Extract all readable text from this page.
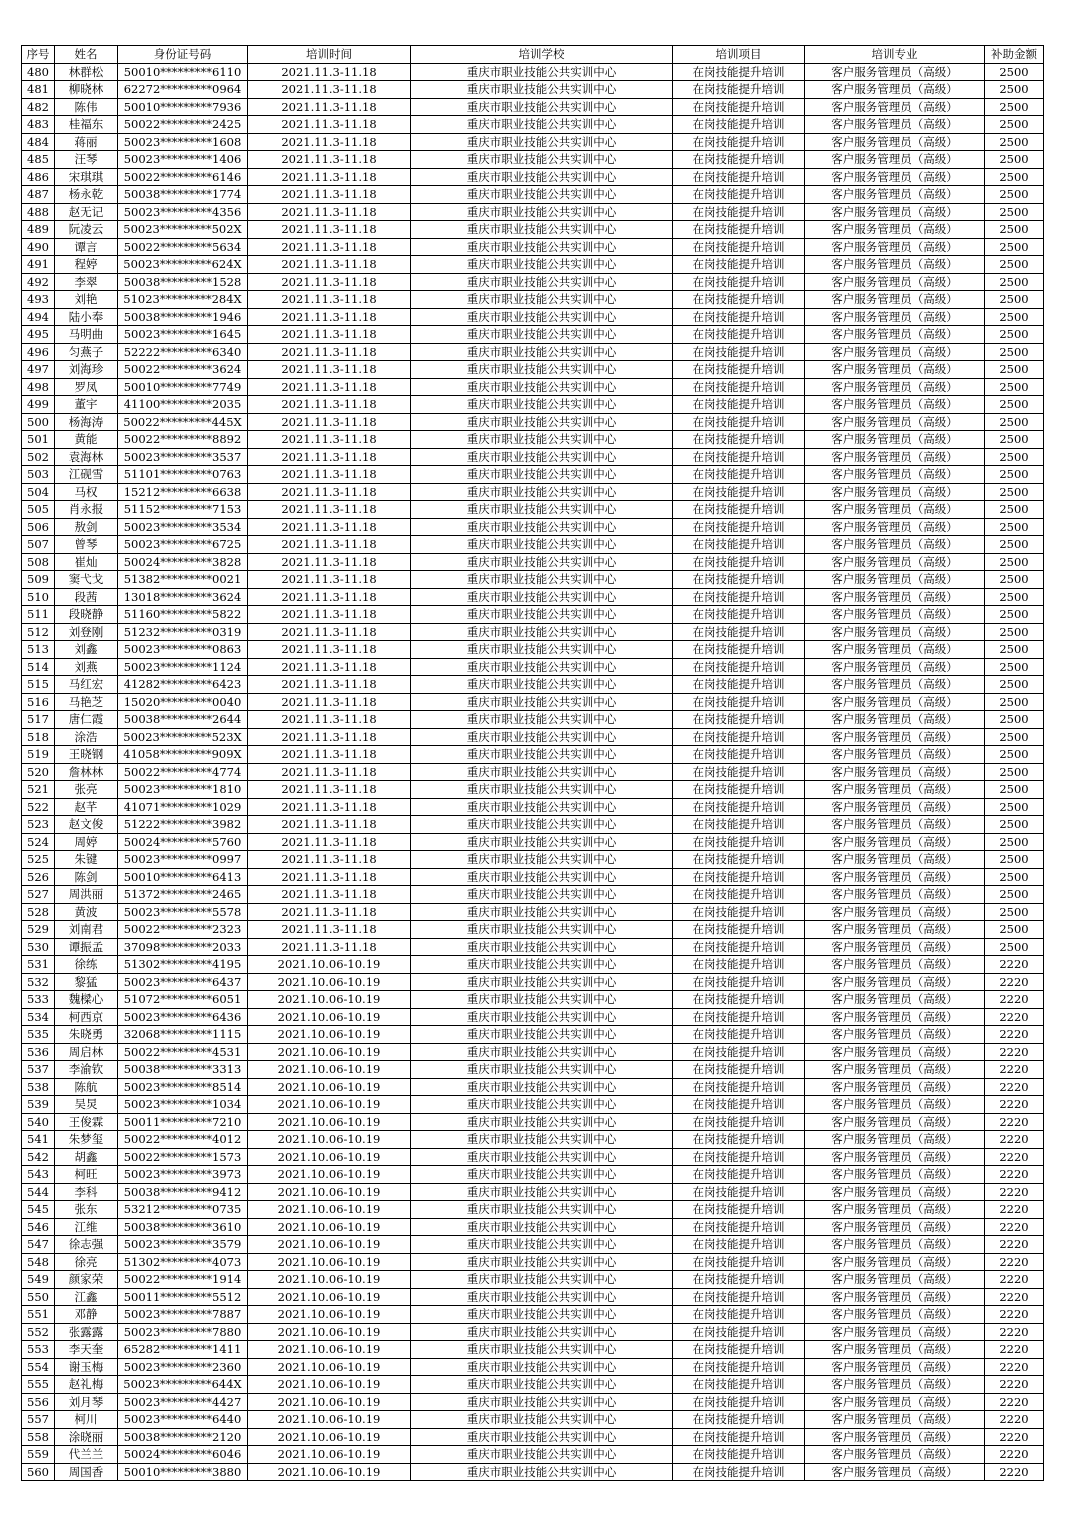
序号	姓名	身份证号码	培训时间	培训学校	培训项目	培训专业	补助金额
480	林群松	50010*********6110	2021.11.3-11.18	重庆市职业技能公共实训中心	在岗技能提升培训	客户服务管理员（高级）	2500
481	柳晓林	62272*********0964	2021.11.3-11.18	重庆市职业技能公共实训中心	在岗技能提升培训	客户服务管理员（高级）	2500
482	陈伟	50010*********7936	2021.11.3-11.18	重庆市职业技能公共实训中心	在岗技能提升培训	客户服务管理员（高级）	2500
483	桂福东	50022*********2425	2021.11.3-11.18	重庆市职业技能公共实训中心	在岗技能提升培训	客户服务管理员（高级）	2500
484	蒋丽	50023*********1608	2021.11.3-11.18	重庆市职业技能公共实训中心	在岗技能提升培训	客户服务管理员（高级）	2500
485	汪琴	50023*********1406	2021.11.3-11.18	重庆市职业技能公共实训中心	在岗技能提升培训	客户服务管理员（高级）	2500
486	宋琪琪	50022*********6146	2021.11.3-11.18	重庆市职业技能公共实训中心	在岗技能提升培训	客户服务管理员（高级）	2500
487	杨永乾	50038*********1774	2021.11.3-11.18	重庆市职业技能公共实训中心	在岗技能提升培训	客户服务管理员（高级）	2500
488	赵无记	50023*********4356	2021.11.3-11.18	重庆市职业技能公共实训中心	在岗技能提升培训	客户服务管理员（高级）	2500
489	阮凌云	50023*********502X	2021.11.3-11.18	重庆市职业技能公共实训中心	在岗技能提升培训	客户服务管理员（高级）	2500
490	谭言	50022*********5634	2021.11.3-11.18	重庆市职业技能公共实训中心	在岗技能提升培训	客户服务管理员（高级）	2500
491	程婷	50023*********624X	2021.11.3-11.18	重庆市职业技能公共实训中心	在岗技能提升培训	客户服务管理员（高级）	2500
492	李翠	50038*********1528	2021.11.3-11.18	重庆市职业技能公共实训中心	在岗技能提升培训	客户服务管理员（高级）	2500
493	刘艳	51023*********284X	2021.11.3-11.18	重庆市职业技能公共实训中心	在岗技能提升培训	客户服务管理员（高级）	2500
494	陆小奉	50038*********1946	2021.11.3-11.18	重庆市职业技能公共实训中心	在岗技能提升培训	客户服务管理员（高级）	2500
495	马明曲	50023*********1645	2021.11.3-11.18	重庆市职业技能公共实训中心	在岗技能提升培训	客户服务管理员（高级）	2500
496	匀燕子	52222*********6340	2021.11.3-11.18	重庆市职业技能公共实训中心	在岗技能提升培训	客户服务管理员（高级）	2500
497	刘海珍	50022*********3624	2021.11.3-11.18	重庆市职业技能公共实训中心	在岗技能提升培训	客户服务管理员（高级）	2500
498	罗凤	50010*********7749	2021.11.3-11.18	重庆市职业技能公共实训中心	在岗技能提升培训	客户服务管理员（高级）	2500
499	董宇	41100*********2035	2021.11.3-11.18	重庆市职业技能公共实训中心	在岗技能提升培训	客户服务管理员（高级）	2500
500	杨海涛	50022*********445X	2021.11.3-11.18	重庆市职业技能公共实训中心	在岗技能提升培训	客户服务管理员（高级）	2500
501	黄能	50022*********8892	2021.11.3-11.18	重庆市职业技能公共实训中心	在岗技能提升培训	客户服务管理员（高级）	2500
502	袁海林	50023*********3537	2021.11.3-11.18	重庆市职业技能公共实训中心	在岗技能提升培训	客户服务管理员（高级）	2500
503	江砚雪	51101*********0763	2021.11.3-11.18	重庆市职业技能公共实训中心	在岗技能提升培训	客户服务管理员（高级）	2500
504	马权	15212*********6638	2021.11.3-11.18	重庆市职业技能公共实训中心	在岗技能提升培训	客户服务管理员（高级）	2500
505	肖永报	51152*********7153	2021.11.3-11.18	重庆市职业技能公共实训中心	在岗技能提升培训	客户服务管理员（高级）	2500
506	敖剑	50023*********3534	2021.11.3-11.18	重庆市职业技能公共实训中心	在岗技能提升培训	客户服务管理员（高级）	2500
507	曾琴	50023*********6725	2021.11.3-11.18	重庆市职业技能公共实训中心	在岗技能提升培训	客户服务管理员（高级）	2500
508	崔灿	50024*********3828	2021.11.3-11.18	重庆市职业技能公共实训中心	在岗技能提升培训	客户服务管理员（高级）	2500
509	窦弋戈	51382*********0021	2021.11.3-11.18	重庆市职业技能公共实训中心	在岗技能提升培训	客户服务管理员（高级）	2500
510	段茜	13018*********3624	2021.11.3-11.18	重庆市职业技能公共实训中心	在岗技能提升培训	客户服务管理员（高级）	2500
511	段晓静	51160*********5822	2021.11.3-11.18	重庆市职业技能公共实训中心	在岗技能提升培训	客户服务管理员（高级）	2500
512	刘登刚	51232*********0319	2021.11.3-11.18	重庆市职业技能公共实训中心	在岗技能提升培训	客户服务管理员（高级）	2500
513	刘鑫	50023*********0863	2021.11.3-11.18	重庆市职业技能公共实训中心	在岗技能提升培训	客户服务管理员（高级）	2500
514	刘燕	50023*********1124	2021.11.3-11.18	重庆市职业技能公共实训中心	在岗技能提升培训	客户服务管理员（高级）	2500
515	马红宏	41282*********6423	2021.11.3-11.18	重庆市职业技能公共实训中心	在岗技能提升培训	客户服务管理员（高级）	2500
516	马艳芝	15020*********0040	2021.11.3-11.18	重庆市职业技能公共实训中心	在岗技能提升培训	客户服务管理员（高级）	2500
517	唐仁霞	50038*********2644	2021.11.3-11.18	重庆市职业技能公共实训中心	在岗技能提升培训	客户服务管理员（高级）	2500
518	涂浩	50023*********523X	2021.11.3-11.18	重庆市职业技能公共实训中心	在岗技能提升培训	客户服务管理员（高级）	2500
519	王晓钢	41058*********909X	2021.11.3-11.18	重庆市职业技能公共实训中心	在岗技能提升培训	客户服务管理员（高级）	2500
520	詹林林	50022*********4774	2021.11.3-11.18	重庆市职业技能公共实训中心	在岗技能提升培训	客户服务管理员（高级）	2500
521	张亮	50023*********1810	2021.11.3-11.18	重庆市职业技能公共实训中心	在岗技能提升培训	客户服务管理员（高级）	2500
522	赵芊	41071*********1029	2021.11.3-11.18	重庆市职业技能公共实训中心	在岗技能提升培训	客户服务管理员（高级）	2500
523	赵文俊	51222*********3982	2021.11.3-11.18	重庆市职业技能公共实训中心	在岗技能提升培训	客户服务管理员（高级）	2500
524	周婷	50024*********5760	2021.11.3-11.18	重庆市职业技能公共实训中心	在岗技能提升培训	客户服务管理员（高级）	2500
525	朱键	50023*********0997	2021.11.3-11.18	重庆市职业技能公共实训中心	在岗技能提升培训	客户服务管理员（高级）	2500
526	陈剑	50010*********6413	2021.11.3-11.18	重庆市职业技能公共实训中心	在岗技能提升培训	客户服务管理员（高级）	2500
527	周洪丽	51372*********2465	2021.11.3-11.18	重庆市职业技能公共实训中心	在岗技能提升培训	客户服务管理员（高级）	2500
528	黄波	50023*********5578	2021.11.3-11.18	重庆市职业技能公共实训中心	在岗技能提升培训	客户服务管理员（高级）	2500
529	刘南君	50022*********2323	2021.11.3-11.18	重庆市职业技能公共实训中心	在岗技能提升培训	客户服务管理员（高级）	2500
530	谭振孟	37098*********2033	2021.11.3-11.18	重庆市职业技能公共实训中心	在岗技能提升培训	客户服务管理员（高级）	2500
531	徐练	51302*********4195	2021.10.06-10.19	重庆市职业技能公共实训中心	在岗技能提升培训	客户服务管理员（高级）	2220
532	黎猛	50023*********6437	2021.10.06-10.19	重庆市职业技能公共实训中心	在岗技能提升培训	客户服务管理员（高级）	2220
533	魏樑心	51072*********6051	2021.10.06-10.19	重庆市职业技能公共实训中心	在岗技能提升培训	客户服务管理员（高级）	2220
534	柯西京	50023*********6436	2021.10.06-10.19	重庆市职业技能公共实训中心	在岗技能提升培训	客户服务管理员（高级）	2220
535	朱晓勇	32068*********1115	2021.10.06-10.19	重庆市职业技能公共实训中心	在岗技能提升培训	客户服务管理员（高级）	2220
536	周启林	50022*********4531	2021.10.06-10.19	重庆市职业技能公共实训中心	在岗技能提升培训	客户服务管理员（高级）	2220
537	李渝钦	50038*********3313	2021.10.06-10.19	重庆市职业技能公共实训中心	在岗技能提升培训	客户服务管理员（高级）	2220
538	陈航	50023*********8514	2021.10.06-10.19	重庆市职业技能公共实训中心	在岗技能提升培训	客户服务管理员（高级）	2220
539	吴炅	50023*********1034	2021.10.06-10.19	重庆市职业技能公共实训中心	在岗技能提升培训	客户服务管理员（高级）	2220
540	王俊霖	50011*********7210	2021.10.06-10.19	重庆市职业技能公共实训中心	在岗技能提升培训	客户服务管理员（高级）	2220
541	朱梦玺	50022*********4012	2021.10.06-10.19	重庆市职业技能公共实训中心	在岗技能提升培训	客户服务管理员（高级）	2220
542	胡鑫	50022*********1573	2021.10.06-10.19	重庆市职业技能公共实训中心	在岗技能提升培训	客户服务管理员（高级）	2220
543	柯旺	50023*********3973	2021.10.06-10.19	重庆市职业技能公共实训中心	在岗技能提升培训	客户服务管理员（高级）	2220
544	李科	50038*********9412	2021.10.06-10.19	重庆市职业技能公共实训中心	在岗技能提升培训	客户服务管理员（高级）	2220
545	张东	53212*********0735	2021.10.06-10.19	重庆市职业技能公共实训中心	在岗技能提升培训	客户服务管理员（高级）	2220
546	江维	50038*********3610	2021.10.06-10.19	重庆市职业技能公共实训中心	在岗技能提升培训	客户服务管理员（高级）	2220
547	徐志强	50023*********3579	2021.10.06-10.19	重庆市职业技能公共实训中心	在岗技能提升培训	客户服务管理员（高级）	2220
548	徐亮	51302*********4073	2021.10.06-10.19	重庆市职业技能公共实训中心	在岗技能提升培训	客户服务管理员（高级）	2220
549	颜家荣	50022*********1914	2021.10.06-10.19	重庆市职业技能公共实训中心	在岗技能提升培训	客户服务管理员（高级）	2220
550	江鑫	50011*********5512	2021.10.06-10.19	重庆市职业技能公共实训中心	在岗技能提升培训	客户服务管理员（高级）	2220
551	邓静	50023*********7887	2021.10.06-10.19	重庆市职业技能公共实训中心	在岗技能提升培训	客户服务管理员（高级）	2220
552	张露露	50023*********7880	2021.10.06-10.19	重庆市职业技能公共实训中心	在岗技能提升培训	客户服务管理员（高级）	2220
553	李天奎	65282*********1411	2021.10.06-10.19	重庆市职业技能公共实训中心	在岗技能提升培训	客户服务管理员（高级）	2220
554	谢玉梅	50023*********2360	2021.10.06-10.19	重庆市职业技能公共实训中心	在岗技能提升培训	客户服务管理员（高级）	2220
555	赵礼梅	50023*********644X	2021.10.06-10.19	重庆市职业技能公共实训中心	在岗技能提升培训	客户服务管理员（高级）	2220
556	刘月琴	50023*********4427	2021.10.06-10.19	重庆市职业技能公共实训中心	在岗技能提升培训	客户服务管理员（高级）	2220
557	柯川	50023*********6440	2021.10.06-10.19	重庆市职业技能公共实训中心	在岗技能提升培训	客户服务管理员（高级）	2220
558	涂晓丽	50038*********2120	2021.10.06-10.19	重庆市职业技能公共实训中心	在岗技能提升培训	客户服务管理员（高级）	2220
559	代兰兰	50024*********6046	2021.10.06-10.19	重庆市职业技能公共实训中心	在岗技能提升培训	客户服务管理员（高级）	2220
560	周国香	50010*********3880	2021.10.06-10.19	重庆市职业技能公共实训中心	在岗技能提升培训	客户服务管理员（高级）	2220
